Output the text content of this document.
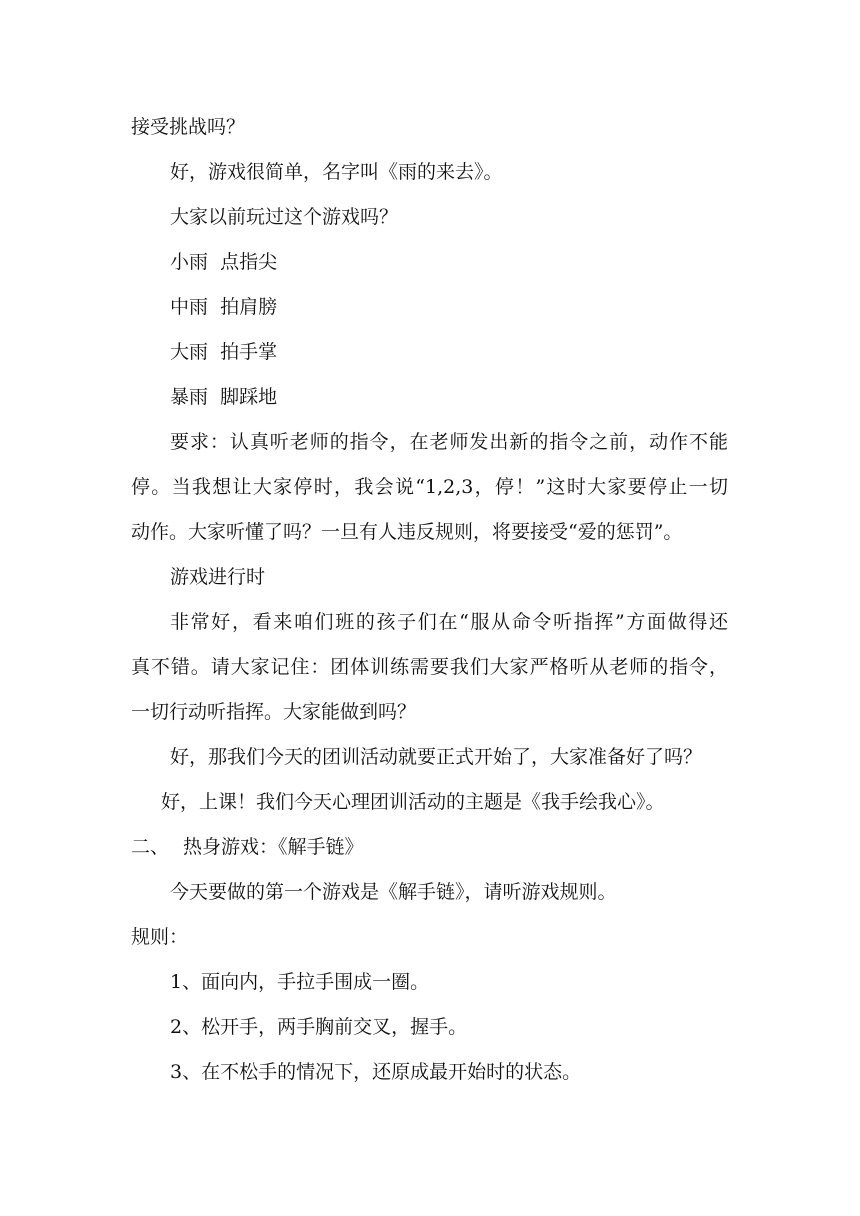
接受挑战吗？
好，游戏很简单，名字叫《雨的来去》。
大家以前玩过这个游戏吗？
小雨  点指尖
中雨  拍肩膀
大雨  拍手掌
暴雨  脚踩地
要求：认真听老师的指令，在老师发出新的指令之前，动作不能
停。当我想让大家停时，我会说“1,2,3，停！”这时大家要停止一切
动作。大家听懂了吗？一旦有人违反规则，将要接受“爱的惩罚”。
游戏进行时
非常好，看来咱们班的孩子们在“服从命令听指挥”方面做得还
真不错。请大家记住：团体训练需要我们大家严格听从老师的指令，
一切行动听指挥。大家能做到吗？
好，那我们今天的团训活动就要正式开始了，大家准备好了吗？
好，上课！我们今天心理团训活动的主题是《我手绘我心》。
二、 热身游戏：《解手链》
今天要做的第一个游戏是《解手链》，请听游戏规则。
规则：
1、面向内，手拉手围成一圈。
2、松开手，两手胸前交叉，握手。
3、在不松手的情况下，还原成最开始时的状态。
